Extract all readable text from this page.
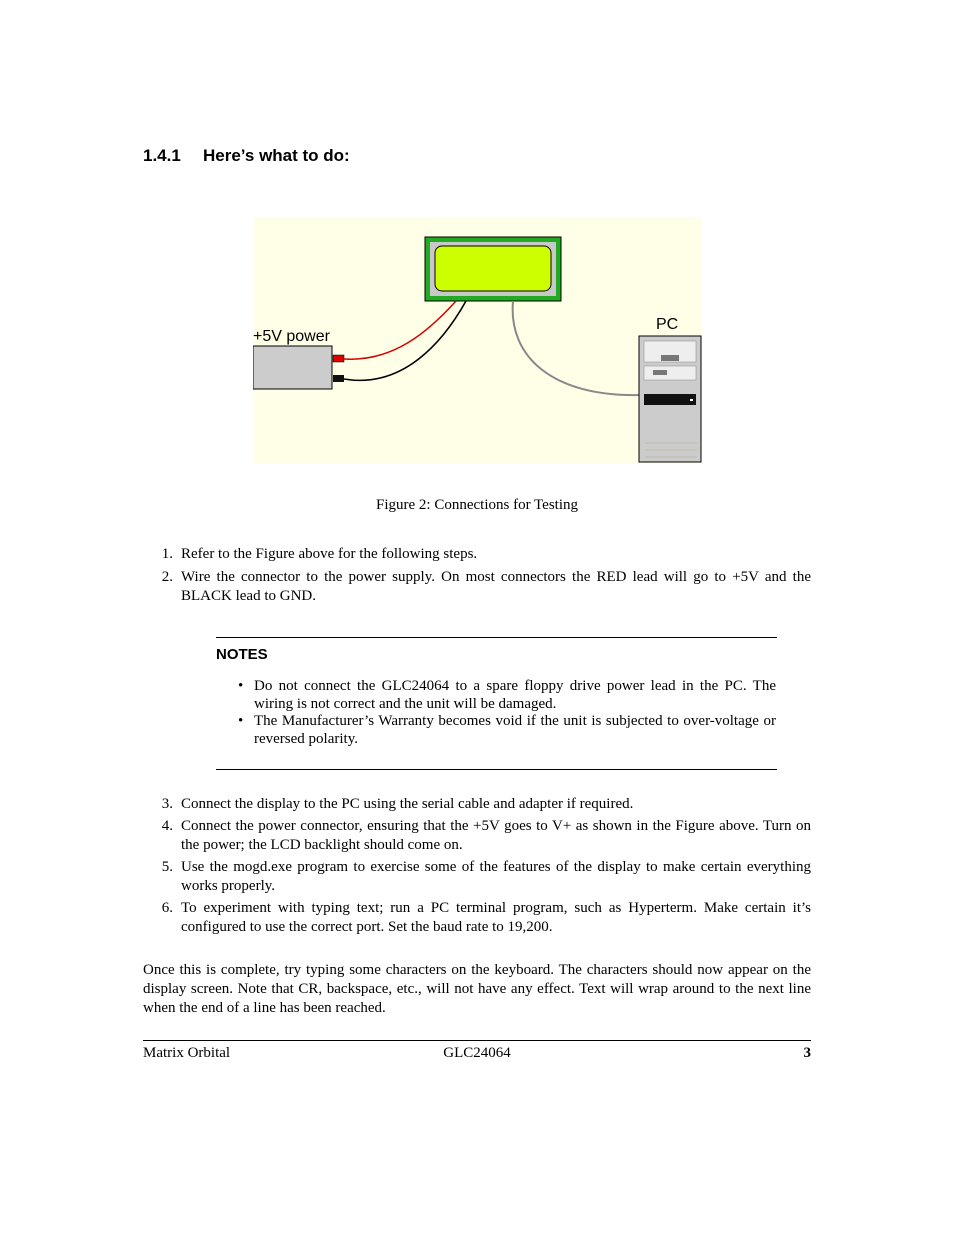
1.4.1 Here’s what to do:
+5V power
PC
Figure 2: Connections for Testing
1. Refer to the Figure above for the following steps.
2. Wire the connector to the power supply. On most connectors the RED lead will go to +5V and the BLACK lead to GND.
NOTES
• Do not connect the GLC24064 to a spare floppy drive power lead in the PC. The wiring is not correct and the unit will be damaged.
• The Manufacturer’s Warranty becomes void if the unit is subjected to over-voltage or reversed polarity.
3. Connect the display to the PC using the serial cable and adapter if required.
4. Connect the power connector, ensuring that the +5V goes to V+ as shown in the Figure above. Turn on the power; the LCD backlight should come on.
5. Use the mogd.exe program to exercise some of the features of the display to make certain everything works properly.
6. To experiment with typing text; run a PC terminal program, such as Hyperterm. Make certain it’s configured to use the correct port. Set the baud rate to 19,200.
Once this is complete, try typing some characters on the keyboard. The characters should now appear on the display screen. Note that CR, backspace, etc., will not have any effect. Text will wrap around to the next line when the end of a line has been reached.
Matrix Orbital	GLC24064	3
